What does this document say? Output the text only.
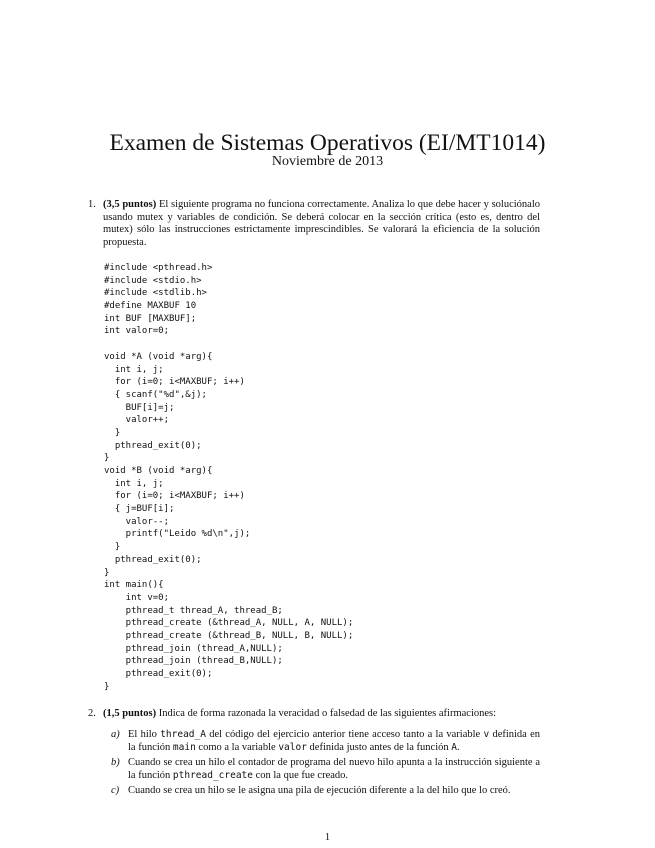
Examen de Sistemas Operativos (EI/MT1014)
Noviembre de 2013
1. (3,5 puntos) El siguiente programa no funciona correctamente. Analiza lo que debe hacer y soluciónalo usando mutex y variables de condición. Se deberá colocar en la sección crítica (esto es, dentro del mutex) sólo las instrucciones estrictamente imprescindibles. Se valorará la eficiencia de la solución propuesta.
#include <pthread.h>
#include <stdio.h>
#include <stdlib.h>
#define MAXBUF 10
int BUF [MAXBUF];
int valor=0;
void *A (void *arg){
int i, j;
for (i=0; i<MAXBUF; i++)
{ scanf("%d",&j);
BUF[i]=j;
valor++;
}
pthread_exit(0);
}
void *B (void *arg){
int i, j;
for (i=0; i<MAXBUF; i++)
{ j=BUF[i];
valor--;
printf("Leido %d\n",j);
}
pthread_exit(0);
}
int main(){
int v=0;
pthread_t thread_A, thread_B;
pthread_create (&thread_A, NULL, A, NULL);
pthread_create (&thread_B, NULL, B, NULL);
pthread_join (thread_A,NULL);
pthread_join (thread_B,NULL);
pthread_exit(0);
}
2. (1,5 puntos) Indica de forma razonada la veracidad o falsedad de las siguientes afirmaciones:
a) El hilo thread_A del código del ejercicio anterior tiene acceso tanto a la variable v definida en la función main como a la variable valor definida justo antes de la función A.
b) Cuando se crea un hilo el contador de programa del nuevo hilo apunta a la instrucción siguiente a la función pthread_create con la que fue creado.
c) Cuando se crea un hilo se le asigna una pila de ejecución diferente a la del hilo que lo creó.
1
